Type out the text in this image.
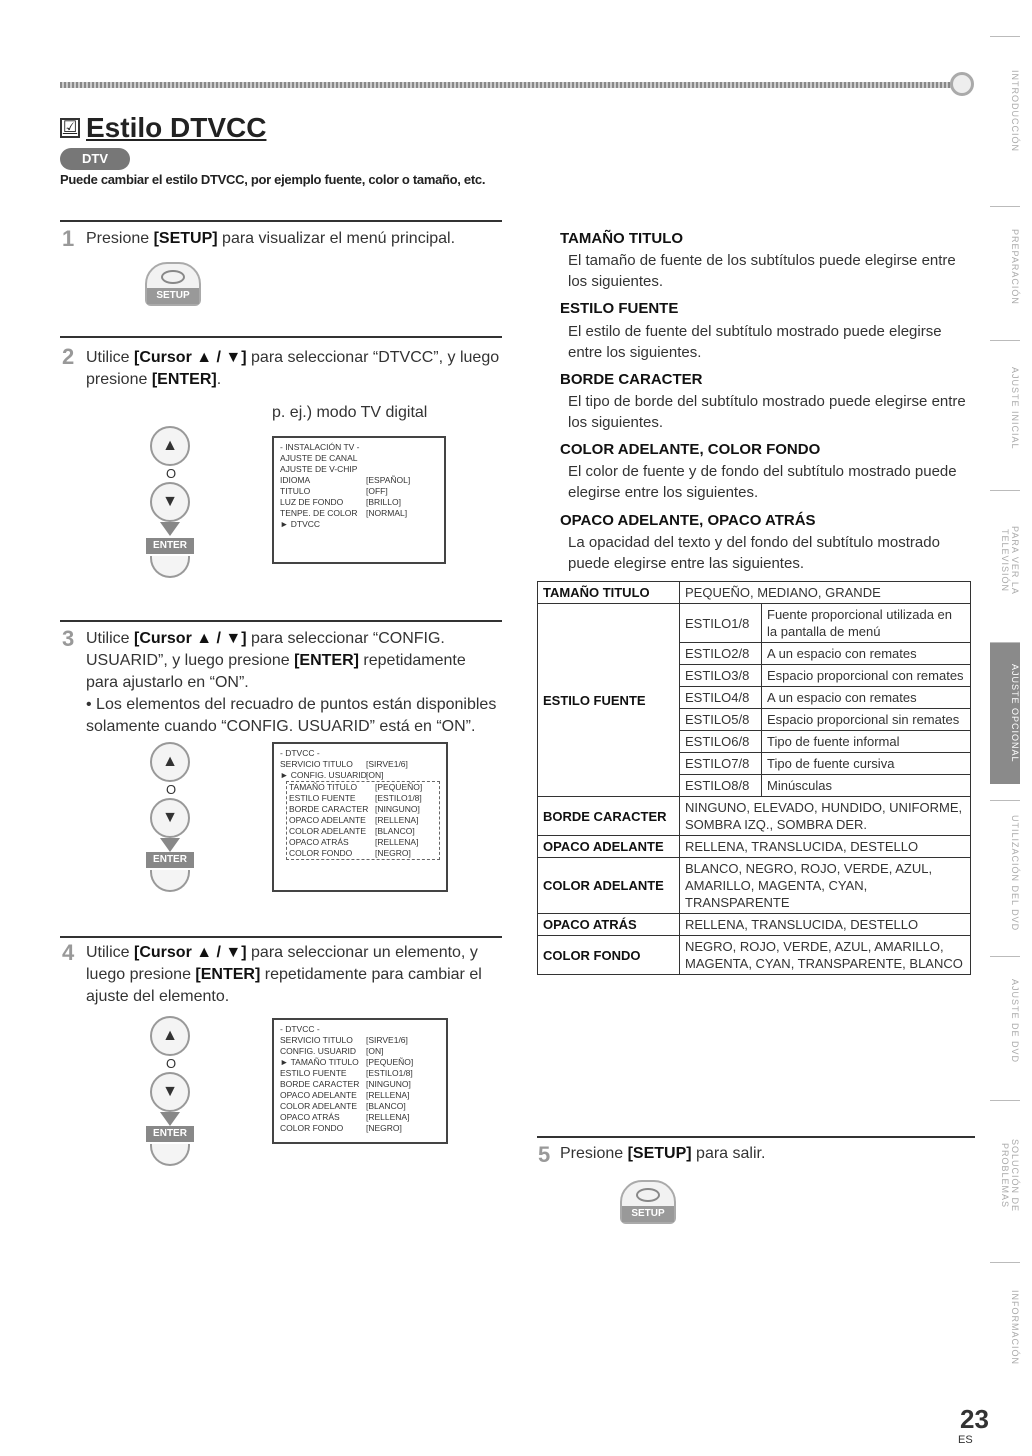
☑ Estilo DTVCC
DTV
Puede cambiar el estilo DTVCC, por ejemplo fuente, color o tamaño, etc.
1 Presione [SETUP] para visualizar el menú principal.
SETUP
2 Utilice [Cursor ▲ / ▼] para seleccionar “DTVCC”, y luego presione [ENTER].
p. ej.) modo TV digital
▲
O
▼
ENTER
- INSTALACIÓN TV -
AJUSTE DE CANAL
AJUSTE DE V-CHIP
IDIOMA	[ESPAÑOL]
TITULO	[OFF]
LUZ DE FONDO	[BRILLO]
TENPE. DE COLOR	[NORMAL]
► DTVCC
3 Utilice [Cursor ▲ / ▼] para seleccionar “CONFIG. USUARID”, y luego presione [ENTER] repetidamente para ajustarlo en “ON”.
• Los elementos del recuadro de puntos están disponibles solamente cuando “CONFIG. USUARID” está en “ON”.
▲
O
▼
ENTER
- DTVCC -
SERVICIO TITULO	[SIRVE1/6]
► CONFIG. USUARID [ON]
TAMAÑO TITULO	[PEQUEÑO]
ESTILO FUENTE	[ESTILO1/8]
BORDE CARACTER [NINGUNO]
OPACO ADELANTE	[RELLENA]
COLOR ADELANTE	[BLANCO]
OPACO ATRÁS	[RELLENA]
COLOR FONDO	[NEGRO]
4 Utilice [Cursor ▲ / ▼] para seleccionar un elemento, y luego presione [ENTER] repetidamente para cambiar el ajuste del elemento.
▲
O
▼
ENTER
- DTVCC -
SERVICIO TITULO	[SIRVE1/6]
CONFIG. USUARID	[ON]
► TAMAÑO TITULO [PEQUEÑO]
ESTILO FUENTE	[ESTILO1/8]
BORDE CARACTER [NINGUNO]
OPACO ADELANTE	[RELLENA]
COLOR ADELANTE	[BLANCO]
OPACO ATRÁS	[RELLENA]
COLOR FONDO	[NEGRO]
TAMAÑO TITULO
El tamaño de fuente de los subtítulos puede elegirse entre los siguientes.
ESTILO FUENTE
El estilo de fuente del subtítulo mostrado puede elegirse entre los siguientes.
BORDE CARACTER
El tipo de borde del subtítulo mostrado puede elegirse entre los siguientes.
COLOR ADELANTE, COLOR FONDO
El color de fuente y de fondo del subtítulo mostrado puede elegirse entre los siguientes.
OPACO ADELANTE, OPACO ATRÁS
La opacidad del texto y del fondo del subtítulo mostrado puede elegirse entre las siguientes.
TAMAÑO TITULO	PEQUEÑO, MEDIANO, GRANDE	
ESTILO FUENTE	ESTILO1/8	Fuente proporcional utilizada en la pantalla de menú
	ESTILO2/8	A un espacio con remates
	ESTILO3/8	Espacio proporcional con remates
	ESTILO4/8	A un espacio con remates
	ESTILO5/8	Espacio proporcional sin remates
	ESTILO6/8	Tipo de fuente informal
	ESTILO7/8	Tipo de fuente cursiva
	ESTILO8/8	Minúsculas
BORDE CARACTER	NINGUNO, ELEVADO, HUNDIDO, UNIFORME, SOMBRA IZQ., SOMBRA DER.	
OPACO ADELANTE	RELLENA, TRANSLUCIDA, DESTELLO	
COLOR ADELANTE	BLANCO, NEGRO, ROJO, VERDE, AZUL, AMARILLO, MAGENTA, CYAN, TRANSPARENTE	
OPACO ATRÁS	RELLENA, TRANSLUCIDA, DESTELLO	
COLOR FONDO	NEGRO, ROJO, VERDE, AZUL, AMARILLO, MAGENTA, CYAN, TRANSPARENTE, BLANCO	
5 Presione [SETUP] para salir.
SETUP
INTRODUCCIÓN
PREPARACIÓN
AJUSTE INICIAL
PARA VER LA TELEVISIÓN
AJUSTE OPCIONAL
UTILIZACIÓN DEL DVD
AJUSTE DE DVD
SOLUCIÓN DE PROBLEMAS
INFORMACIÓN
23
ES
